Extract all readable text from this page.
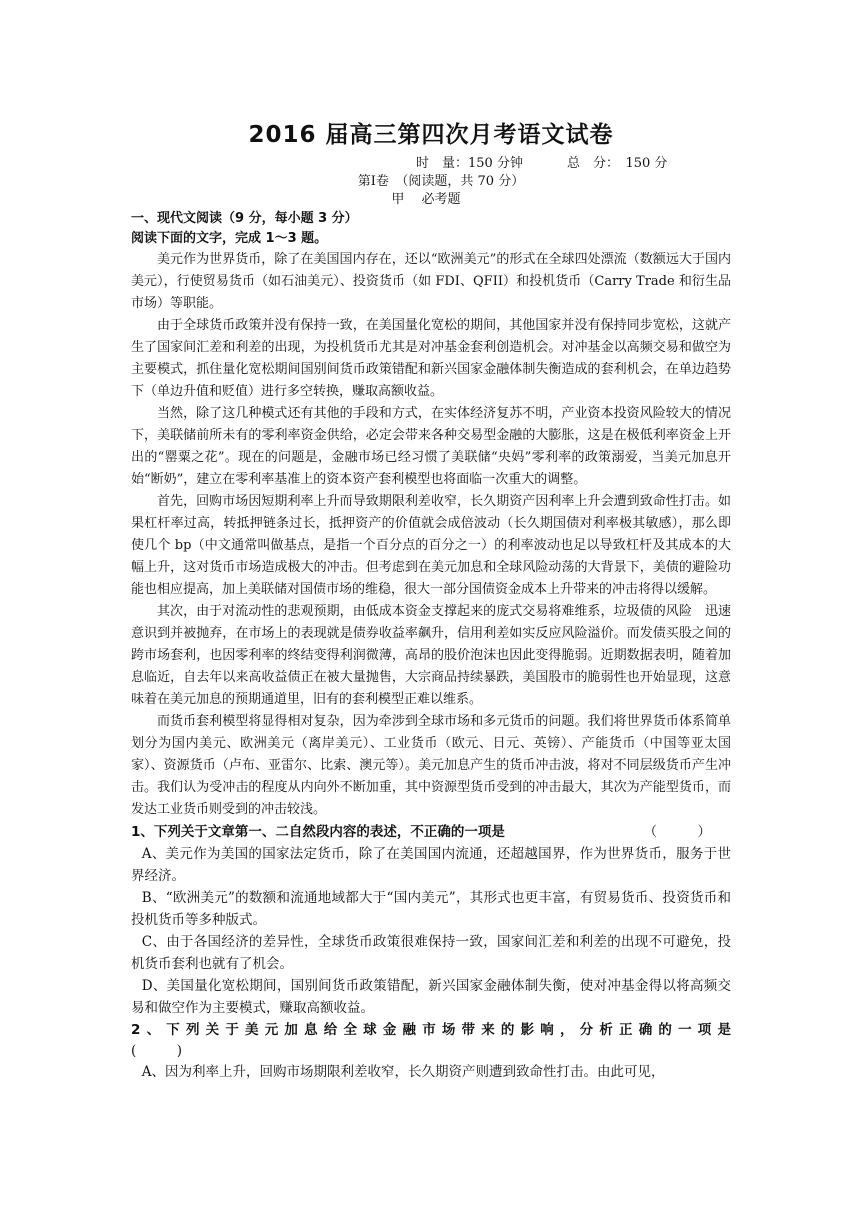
2016 届高三第四次月考语文试卷
时　量：150 分钟	总　分：　150 分
第Ⅰ卷　（阅读题，共 70 分）
甲　 必考题
一、现代文阅读（9 分，每小题 3 分）
阅读下面的文字，完成 1～3 题。

美元作为世界货币，除了在美国国内存在，还以“欧洲美元”的形式在全球四处漂流（数额远大于国内美元），行使贸易货币（如石油美元）、投资货币（如 FDI、QFII）和投机货币（Carry Trade 和衍生品市场）等职能。

由于全球货币政策并没有保持一致，在美国量化宽松的期间，其他国家并没有保持同步宽松，这就产生了国家间汇差和利差的出现，为投机货币尤其是对冲基金套利创造机会。对冲基金以高频交易和做空为主要模式，抓住量化宽松期间国别间货币政策错配和新兴国家金融体制失衡造成的套利机会，在单边趋势下（单边升值和贬值）进行多空转换，赚取高额收益。

当然，除了这几种模式还有其他的手段和方式，在实体经济复苏不明，产业资本投资风险较大的情况下，美联储前所未有的零利率资金供给，必定会带来各种交易型金融的大膨胀，这是在极低利率资金上开出的“罂粟之花”。现在的问题是，金融市场已经习惯了美联储“央妈”零利率的政策溺爱，当美元加息开始“断奶”，建立在零利率基准上的资本资产套利模型也将面临一次重大的调整。

首先，回购市场因短期利率上升而导致期限利差收窄，长久期资产因利率上升会遭到致命性打击。如果杠杆率过高，转抵押链条过长，抵押资产的价值就会成倍波动（长久期国债对利率极其敏感），那么即使几个 bp（中文通常叫做基点，是指一个百分点的百分之一）的利率波动也足以导致杠杆及其成本的大幅上升，这对货币市场造成极大的冲击。但考虑到在美元加息和全球风险动荡的大背景下，美债的避险功能也相应提高，加上美联储对国债市场的维稳，很大一部分国债资金成本上升带来的冲击将得以缓解。

其次，由于对流动性的悲观预期，由低成本资金支撑起来的庞式交易将难维系，垃圾债的风险　迅速意识到并被抛弃，在市场上的表现就是债券收益率飙升，信用利差如实反应风险溢价。而发债买股之间的跨市场套利，也因零利率的终结变得利润微薄，高昂的股价泡沫也因此变得脆弱。近期数据表明，随着加息临近，自去年以来高收益债正在被大量抛售，大宗商品持续暴跌，美国股市的脆弱性也开始显现，这意味着在美元加息的预期通道里，旧有的套利模型正难以维系。

而货币套利模型将显得相对复杂，因为牵涉到全球市场和多元货币的问题。我们将世界货币体系简单划分为国内美元、欧洲美元（离岸美元）、工业货币（欧元、日元、英镑）、产能货币（中国等亚太国家）、资源货币（卢布、亚雷尔、比索、澳元等）。美元加息产生的货币冲击波，将对不同层级货币产生冲击。我们认为受冲击的程度从内向外不断加重，其中资源型货币受到的冲击最大，其次为产能型货币，而发达工业货币则受到的冲击较浅。

1、下列关于文章第一、二自然段内容的表述，不正确的一项是	（　　　）

A、美元作为美国的国家法定货币，除了在美国国内流通，还超越国界，作为世界货币，服务于世界经济。

B、“欧洲美元”的数额和流通地域都大于“国内美元”，其形式也更丰富，有贸易货币、投资货币和投机货币等多种版式。

C、由于各国经济的差异性，全球货币政策很难保持一致，国家间汇差和利差的出现不可避免，投机货币套利也就有了机会。

D、美国量化宽松期间，国别间货币政策错配，新兴国家金融体制失衡，使对冲基金得以将高频交易和做空作为主要模式，赚取高额收益。

2、下列关于美元加息给全球金融市场带来的影响，分析正确的一项是

(　　　)

A、因为利率上升，回购市场期限利差收窄，长久期资产则遭到致命性打击。由此可见，
